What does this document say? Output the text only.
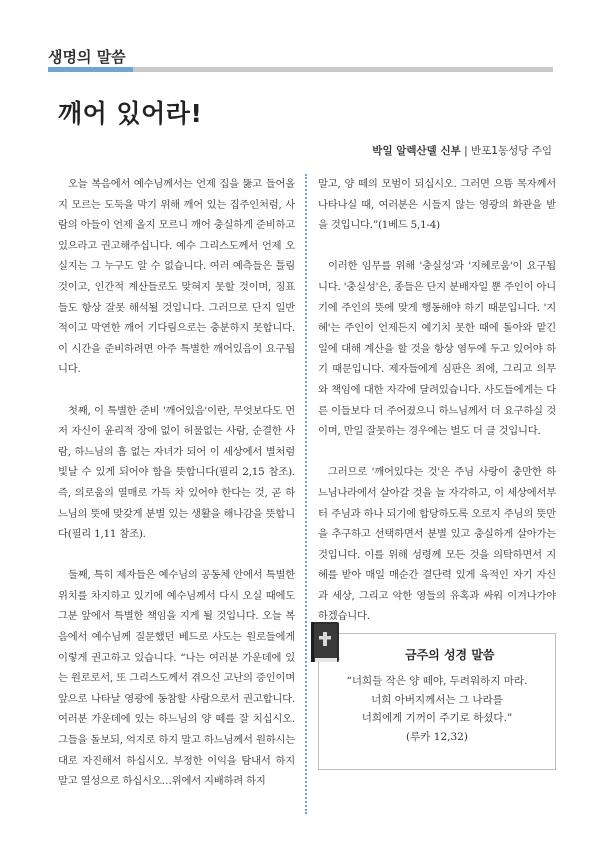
생명의 말씀
깨어 있어라!
박일 알렉산델 신부 | 반포1동성당 주임

오늘 복음에서 예수님께서는 언제 집을 뚫고 들어올지 모르는 도둑을 막기 위해 깨어 있는 집주인처럼, 사람의 아들이 언제 올지 모르니 깨어 충실하게 준비하고 있으라고 권고해주십니다. 예수 그리스도께서 언제 오실지는 그 누구도 알 수 없습니다. 여러 예측들은 틀림 것이고, 인간적 계산들로도 맞혀지 못할 것이며, 징표들도 항상 잘못 해석될 것입니다. 그러므로 단지 일반적이고 막연한 깨어 기다림으로는 충분하지 못합니다. 이 시간을 준비하려면 아주 특별한 깨어있음이 요구됩니다.

첫째, 이 특별한 준비 '깨어있음'이란, 무엇보다도 먼저 자신이 윤리적 장에 없이 허물없는 사람, 순결한 사람, 하느님의 흠 없는 자녀가 되어 이 세상에서 별처럼 빛날 수 있게 되어야 함을 뜻합니다(필리 2,15 참조). 즉, 의로움의 열매로 가득 차 있어야 한다는 것, 곧 하느님의 뜻에 맞갖게 분별 있는 생활을 해나감을 뜻합니다(필리 1,11 참조).

둘째, 특히 제자들은 예수님의 공동체 안에서 특별한 위치를 차지하고 있기에 예수님께서 다시 오실 때에도 그분 앞에서 특별한 책임을 지게 될 것입니다. 오늘 복음에서 예수님께 질문했던 베드로 사도는 원로들에게 이렇게 권고하고 있습니다. “나는 여러분 가운데에 있는 원로로서, 또 그리스도께서 겪으신 고난의 증인이며 앞으로 나타날 영광에 동참할 사람으로서 권고합니다. 여러분 가운데에 있는 하느님의 양 떼를 잘 치십시오. 그들을 돌보되, 억지로 하지 말고 하느님께서 원하시는 대로 자진해서 하십시오. 부정한 이익을 탐내서 하지 말고 열성으로 하십시오…위에서 지배하려 하지

말고, 양 떼의 모범이 되십시오. 그러면 으뜸 목자께서 나타나실 때, 여러분은 시들지 않는 영광의 화관을 받을 것입니다.”(1베드 5,1-4)

이러한 임무를 위해 '충실성'과 '지혜로움'이 요구됩니다. '충실성'은, 종들은 단지 분배자일 뿐 주인이 아니기에 주인의 뜻에 맞게 행동해야 하기 때문입니다. '지혜'는 주인이 언제든지 예기치 못한 때에 돌아와 맡긴 일에 대해 계산을 할 것을 항상 염두에 두고 있어야 하기 때문입니다. 제자들에게 심판은 죄에, 그리고 의무와 책임에 대한 자각에 달려있습니다. 사도들에게는 다른 이들보다 더 주어졌으니 하느님께서 더 요구하실 것이며, 만일 잘못하는 경우에는 벌도 더 클 것입니다.

그러므로 '깨어있다는 것'은 주님 사랑이 충만한 하느님나라에서 살아갈 것을 늘 자각하고, 이 세상에서부터 주님과 하나 되기에 합당하도록 오로지 주님의 뜻만을 추구하고 선택하면서 분별 있고 충실하게 살아가는 것입니다. 이를 위해 성령께 모든 것을 의탁하면서 지혜를 받아 매일 매순간 결단력 있게 육적인 자기 자신과 세상, 그리고 악한 영들의 유혹과 싸워 이겨나가야 하겠습니다.

금주의 성경 말씀
“너희들 작은 양 떼야, 두려워하지 마라.
너희 아버지께서는 그 나라를
너희에게 기꺼이 주기로 하셨다.”
(루카 12,32)
